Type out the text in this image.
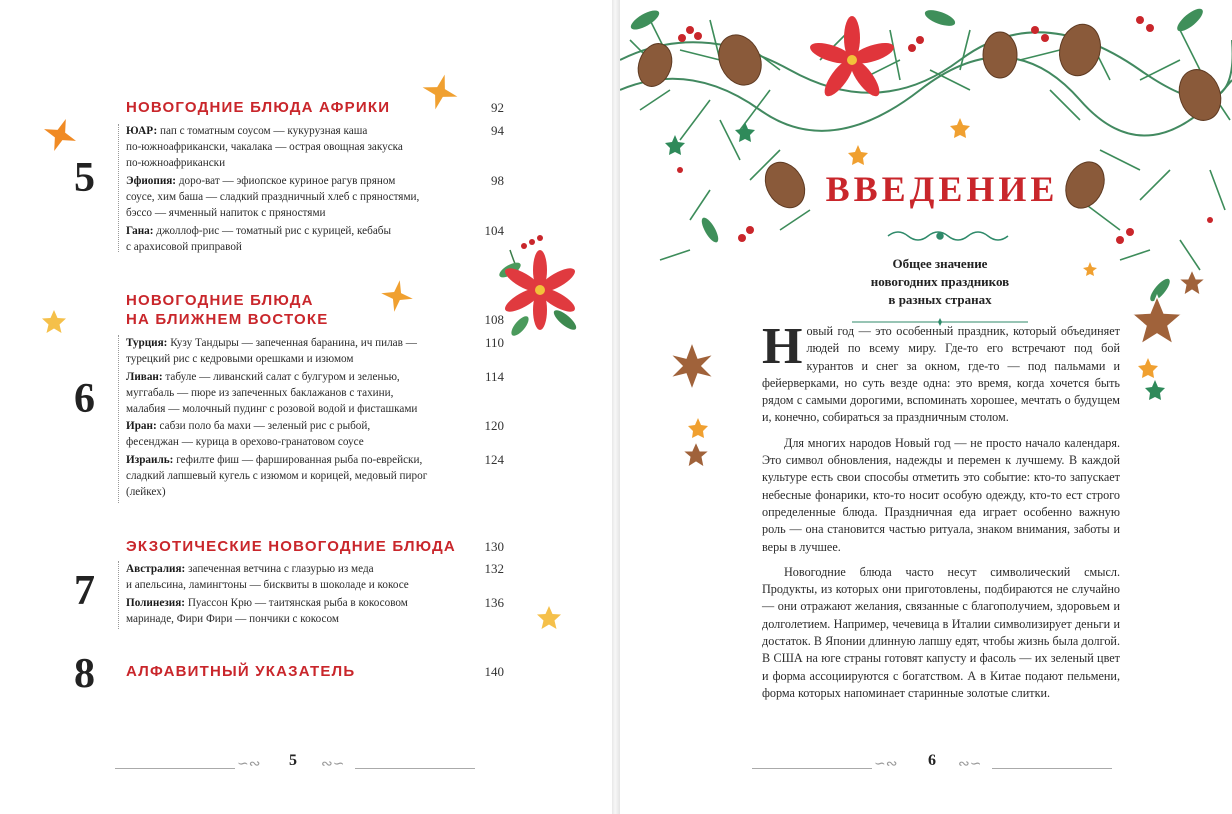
5
НОВОГОДНИЕ БЛЮДА АФРИКИ	92
ЮАР: пап с томатным соусом — кукурузная каша
по-южноафрикански, чакалака — острая овощная закуска
по-южноафрикански
94
Эфиопия: доро-ват — эфиопское куриное рагув пряном
соусе, хим баша — сладкий праздничный хлеб с пряностями,
бэссо — ячменный напиток с пряностями
98
Гана: джоллоф-рис — томатный рис с курицей, кебабы
с арахисовой приправой
104
6
НОВОГОДНИЕ БЛЮДА
НА БЛИЖНЕМ ВОСТОКЕ	108
Турция: Кузу Тандыры — запеченная баранина, ич пилав —
турецкий рис с кедровыми орешками и изюмом
110
Ливан: табуле — ливанский салат с булгуром и зеленью,
муггабаль — пюре из запеченных баклажанов с тахини,
малабия — молочный пудинг с розовой водой и фисташками
114
Иран: сабзи поло ба махи — зеленый рис с рыбой,
фесенджан — курица в орехово-гранатовом соусе
120
Израиль: гефилте фиш — фаршированная рыба по-еврейски,
сладкий лапшевый кугель с изюмом и корицей, медовый пирог
(лейкех)
124
7
ЭКЗОТИЧЕСКИЕ НОВОГОДНИЕ БЛЮДА 130
Австралия: запеченная ветчина с глазурью из меда
и апельсина, ламингтоны — бисквиты в шоколаде и кокосе
132
Полинезия: Пуассон Крю — таитянская рыба в кокосовом
маринаде, Фири Фири — пончики с кокосом
136
8 АЛФАВИТНЫЙ УКАЗАТЕЛЬ	140
∽∾ 5 ∾∽
ВВЕДЕНИЕ
Общее значение
новогодних праздников
в разных странах

Новый год — это особенный праздник, который объединяет людей по всему миру. Где-то его встречают под бой курантов и снег за окном, где-то — под пальмами и фейерверками, но суть везде одна: это время, когда хочется быть рядом с самыми дорогими, вспоминать хорошее, мечтать о будущем и, конечно, собираться за праздничным столом.

Для многих народов Новый год — не просто начало календаря. Это символ обновления, надежды и перемен к лучшему. В каждой культуре есть свои способы отметить это событие: кто-то запускает небесные фонарики, кто-то носит особую одежду, кто-то ест строго определенные блюда. Праздничная еда играет особенно важную роль — она становится частью ритуала, знаком внимания, заботы и веры в лучшее.

Новогодние блюда часто несут символический смысл. Продукты, из которых они приготовлены, подбираются не случайно — они отражают желания, связанные с благополучием, здоровьем и долголетием. Например, чечевица в Италии символизирует деньги и достаток. В Японии длинную лапшу едят, чтобы жизнь была долгой. В США на юге страны готовят капусту и фасоль — их зеленый цвет и форма ассоциируются с богатством. А в Китае подают пельмени, форма которых напоминает старинные золотые слитки.

∽∾ 6 ∾∽
